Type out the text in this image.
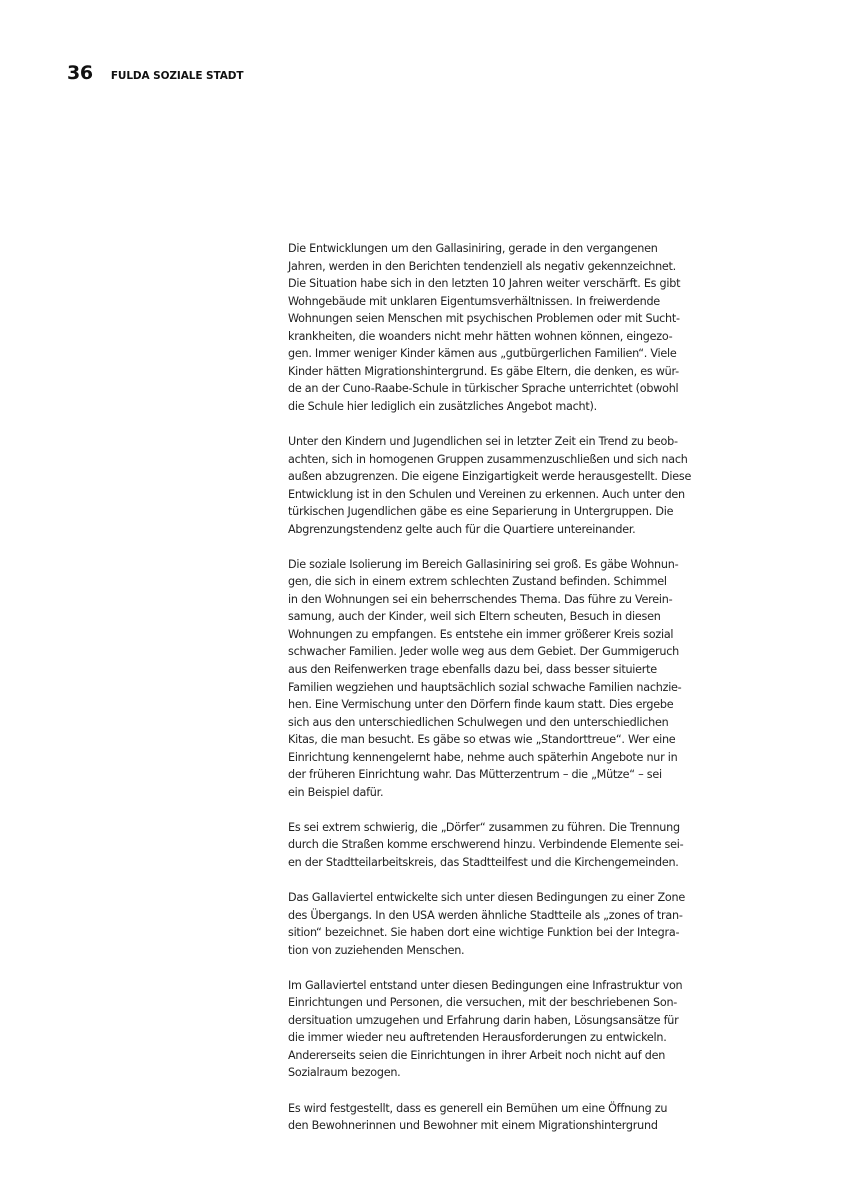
36 FULDA SOZIALE STADT
Die Entwicklungen um den Gallasiniring, gerade in den vergangenen
Jahren, werden in den Berichten tendenziell als negativ gekennzeichnet.
Die Situation habe sich in den letzten 10 Jahren weiter verschärft. Es gibt
Wohngebäude mit unklaren Eigentumsverhältnissen. In freiwerdende
Wohnungen seien Menschen mit psychischen Problemen oder mit Sucht-
krankheiten, die woanders nicht mehr hätten wohnen können, eingezo-
gen. Immer weniger Kinder kämen aus „gutbürgerlichen Familien“. Viele
Kinder hätten Migrationshintergrund. Es gäbe Eltern, die denken, es wür-
de an der Cuno-Raabe-Schule in türkischer Sprache unterrichtet (obwohl
die Schule hier lediglich ein zusätzliches Angebot macht).
Unter den Kindern und Jugendlichen sei in letzter Zeit ein Trend zu beob-
achten, sich in homogenen Gruppen zusammenzuschließen und sich nach
außen abzugrenzen. Die eigene Einzigartigkeit werde herausgestellt. Diese
Entwicklung ist in den Schulen und Vereinen zu erkennen. Auch unter den
türkischen Jugendlichen gäbe es eine Separierung in Untergruppen. Die
Abgrenzungstendenz gelte auch für die Quartiere untereinander.
Die soziale Isolierung im Bereich Gallasiniring sei groß. Es gäbe Wohnun-
gen, die sich in einem extrem schlechten Zustand befinden. Schimmel
in den Wohnungen sei ein beherrschendes Thema. Das führe zu Verein-
samung, auch der Kinder, weil sich Eltern scheuten, Besuch in diesen
Wohnungen zu empfangen. Es entstehe ein immer größerer Kreis sozial
schwacher Familien. Jeder wolle weg aus dem Gebiet. Der Gummigeruch
aus den Reifenwerken trage ebenfalls dazu bei, dass besser situierte
Familien wegziehen und hauptsächlich sozial schwache Familien nachzie-
hen. Eine Vermischung unter den Dörfern finde kaum statt. Dies ergebe
sich aus den unterschiedlichen Schulwegen und den unterschiedlichen
Kitas, die man besucht. Es gäbe so etwas wie „Standorttreue“. Wer eine
Einrichtung kennengelernt habe, nehme auch späterhin Angebote nur in
der früheren Einrichtung wahr. Das Mütterzentrum – die „Mütze“ – sei
ein Beispiel dafür.
Es sei extrem schwierig, die „Dörfer“ zusammen zu führen. Die Trennung
durch die Straßen komme erschwerend hinzu. Verbindende Elemente sei-
en der Stadtteilarbeitskreis, das Stadtteilfest und die Kirchengemeinden.
Das Gallaviertel entwickelte sich unter diesen Bedingungen zu einer Zone
des Übergangs. In den USA werden ähnliche Stadtteile als „zones of tran-
sition“ bezeichnet. Sie haben dort eine wichtige Funktion bei der Integra-
tion von zuziehenden Menschen.
Im Gallaviertel entstand unter diesen Bedingungen eine Infrastruktur von
Einrichtungen und Personen, die versuchen, mit der beschriebenen Son-
dersituation umzugehen und Erfahrung darin haben, Lösungsansätze für
die immer wieder neu auftretenden Herausforderungen zu entwickeln.
Andererseits seien die Einrichtungen in ihrer Arbeit noch nicht auf den
Sozialraum bezogen.
Es wird festgestellt, dass es generell ein Bemühen um eine Öffnung zu
den Bewohnerinnen und Bewohner mit einem Migrationshintergrund
